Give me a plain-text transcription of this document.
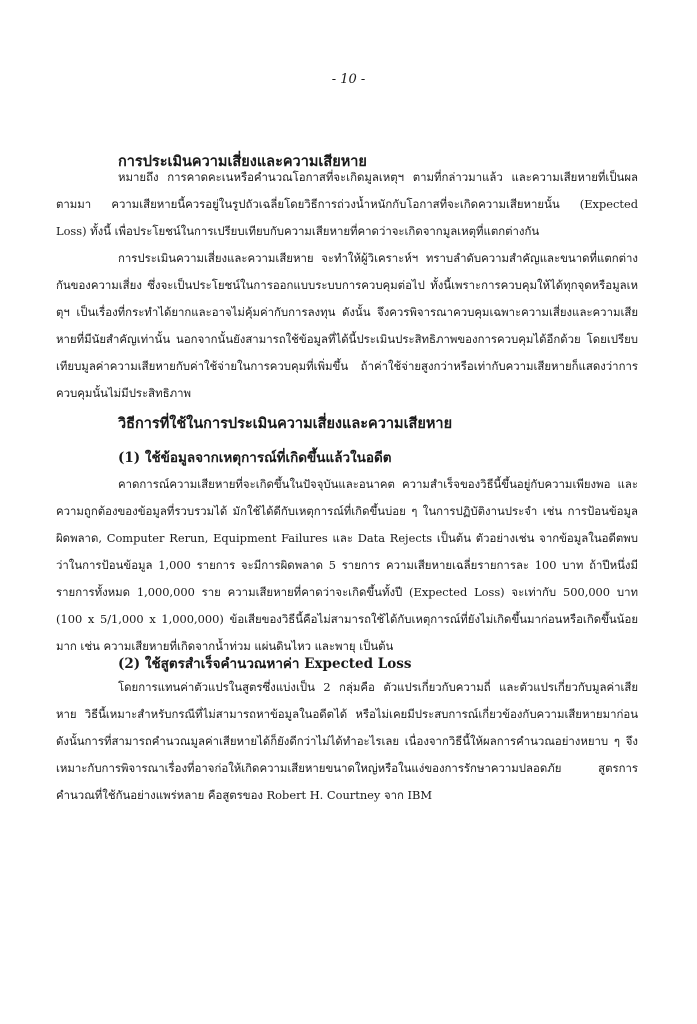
- 10 -
การประเมินความเสี่ยงและความเสียหาย

หมายถึง การคาดคะเนหรือคำนวณโอกาสที่จะเกิดมูลเหตุฯ ตามที่กล่าวมาแล้ว และความเสียหายที่เป็นผลตามมา ความเสียหายนี้ควรอยู่ในรูปถัวเฉลี่ยโดยวิธีการถ่วงน้ำหนักกับโอกาสที่จะเกิดความเสียหายนั้น (Expected Loss) ทั้งนี้ เพื่อประโยชน์ในการเปรียบเทียบกับความเสียหายที่คาดว่าจะเกิดจากมูลเหตุที่แตกต่างกัน

การประเมินความเสี่ยงและความเสียหาย จะทำให้ผู้วิเคราะห์ฯ ทราบลำดับความสำคัญและขนาดที่แตกต่างกันของความเสี่ยง ซึ่งจะเป็นประโยชน์ในการออกแบบระบบการควบคุมต่อไป ทั้งนี้เพราะการควบคุมให้ได้ทุกจุดหรือมูลเหตุฯ เป็นเรื่องที่กระทำได้ยากและอาจไม่คุ้มค่ากับการลงทุน ดังนั้น จึงควรพิจารณาควบคุมเฉพาะความเสี่ยงและความเสียหายที่มีนัยสำคัญเท่านั้น นอกจากนั้นยังสามารถใช้ข้อมูลที่ได้นี้ประเมินประสิทธิภาพของการควบคุมได้อีกด้วย โดยเปรียบเทียบมูลค่าความเสียหายกับค่าใช้จ่ายในการควบคุมที่เพิ่มขึ้น ถ้าค่าใช้จ่ายสูงกว่าหรือเท่ากับความเสียหายก็แสดงว่าการควบคุมนั้นไม่มีประสิทธิภาพ

วิธีการที่ใช้ในการประเมินความเสี่ยงและความเสียหาย
(1) ใช้ข้อมูลจากเหตุการณ์ที่เกิดขึ้นแล้วในอดีต

คาดการณ์ความเสียหายที่จะเกิดขึ้นในปัจจุบันและอนาคต ความสำเร็จของวิธีนี้ขึ้นอยู่กับความเพียงพอ และความถูกต้องของข้อมูลที่รวบรวมได้ มักใช้ได้ดีกับเหตุการณ์ที่เกิดขึ้นบ่อย ๆ ในการปฏิบัติงานประจำ เช่น การป้อนข้อมูลผิดพลาด, Computer Rerun, Equipment Failures และ Data Rejects เป็นต้น ตัวอย่างเช่น จากข้อมูลในอดีตพบว่าในการป้อนข้อมูล 1,000 รายการ จะมีการผิดพลาด 5 รายการ ความเสียหายเฉลี่ยรายการละ 100 บาท ถ้าปีหนึ่งมีรายการทั้งหมด 1,000,000 ราย ความเสียหายที่คาดว่าจะเกิดขึ้นทั้งปี (Expected Loss) จะเท่ากับ 500,000 บาท (100 x 5/1,000 x 1,000,000) ข้อเสียของวิธีนี้คือไม่สามารถใช้ได้กับเหตุการณ์ที่ยังไม่เกิดขึ้นมาก่อนหรือเกิดขึ้นน้อยมาก เช่น ความเสียหายที่เกิดจากน้ำท่วม แผ่นดินไหว และพายุ เป็นต้น

(2) ใช้สูตรสำเร็จคำนวณหาค่า Expected Loss

โดยการแทนค่าตัวแปรในสูตรซึ่งแบ่งเป็น 2 กลุ่มคือ ตัวแปรเกี่ยวกับความถี่ และตัวแปรเกี่ยวกับมูลค่าเสียหาย วิธีนี้เหมาะสำหรับกรณีที่ไม่สามารถหาข้อมูลในอดีตได้ หรือไม่เคยมีประสบการณ์เกี่ยวข้องกับความเสียหายมาก่อน ดังนั้นการที่สามารถคำนวณมูลค่าเสียหายได้ก็ยังดีกว่าไม่ได้ทำอะไรเลย เนื่องจากวิธีนี้ให้ผลการคำนวณอย่างหยาบ ๆ จึงเหมาะกับการพิจารณาเรื่องที่อาจก่อให้เกิดความเสียหายขนาดใหญ่หรือในแง่ของการรักษาความปลอดภัย สูตรการคำนวณที่ใช้กันอย่างแพร่หลาย คือสูตรของ Robert H. Courtney จาก IBM
